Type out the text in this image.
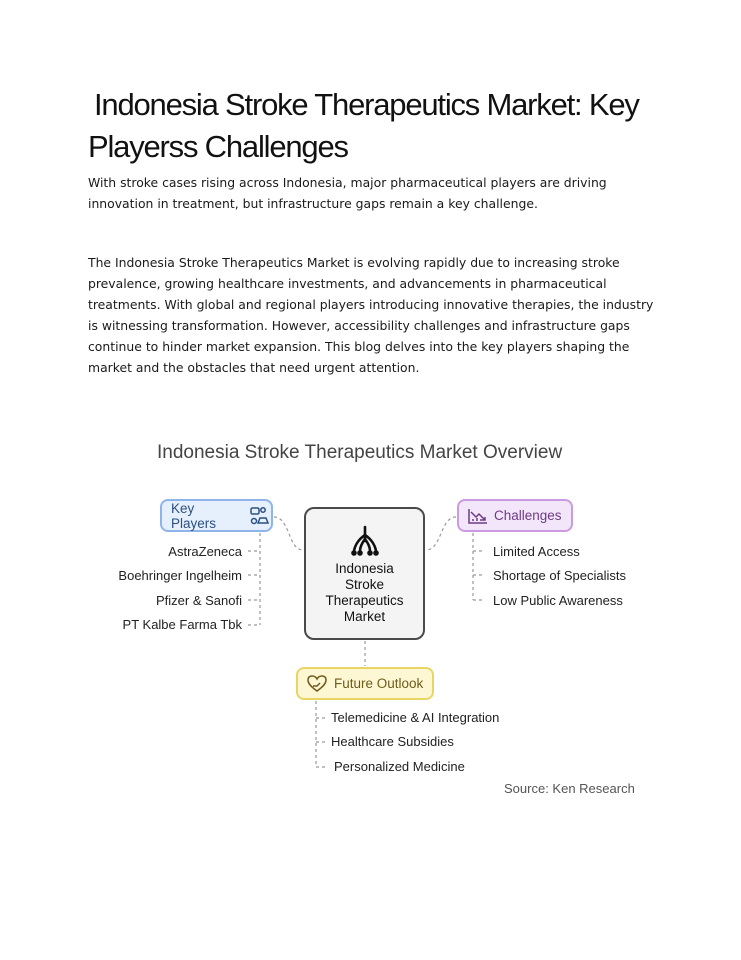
Indonesia Stroke Therapeutics Market: Key
Playerss Challenges

With stroke cases rising across Indonesia, major pharmaceutical players are driving innovation in treatment, but infrastructure gaps remain a key challenge.

The Indonesia Stroke Therapeutics Market is evolving rapidly due to increasing stroke prevalence, growing healthcare investments, and advancements in pharmaceutical treatments. With global and regional players introducing innovative therapies, the industry is witnessing transformation. However, accessibility challenges and infrastructure gaps continue to hinder market expansion. This blog delves into the key players shaping the market and the obstacles that need urgent attention.

Indonesia Stroke Therapeutics Market Overview
Indonesia
Stroke
Therapeutics
Market
Key Players	Challenges
Future Outlook
AstraZeneca
Boehringer Ingelheim
Pfizer & Sanofi
PT Kalbe Farma Tbk
Limited Access
Shortage of Specialists
Low Public Awareness
Telemedicine & AI Integration
Healthcare Subsidies
Personalized Medicine
Source: Ken Research
